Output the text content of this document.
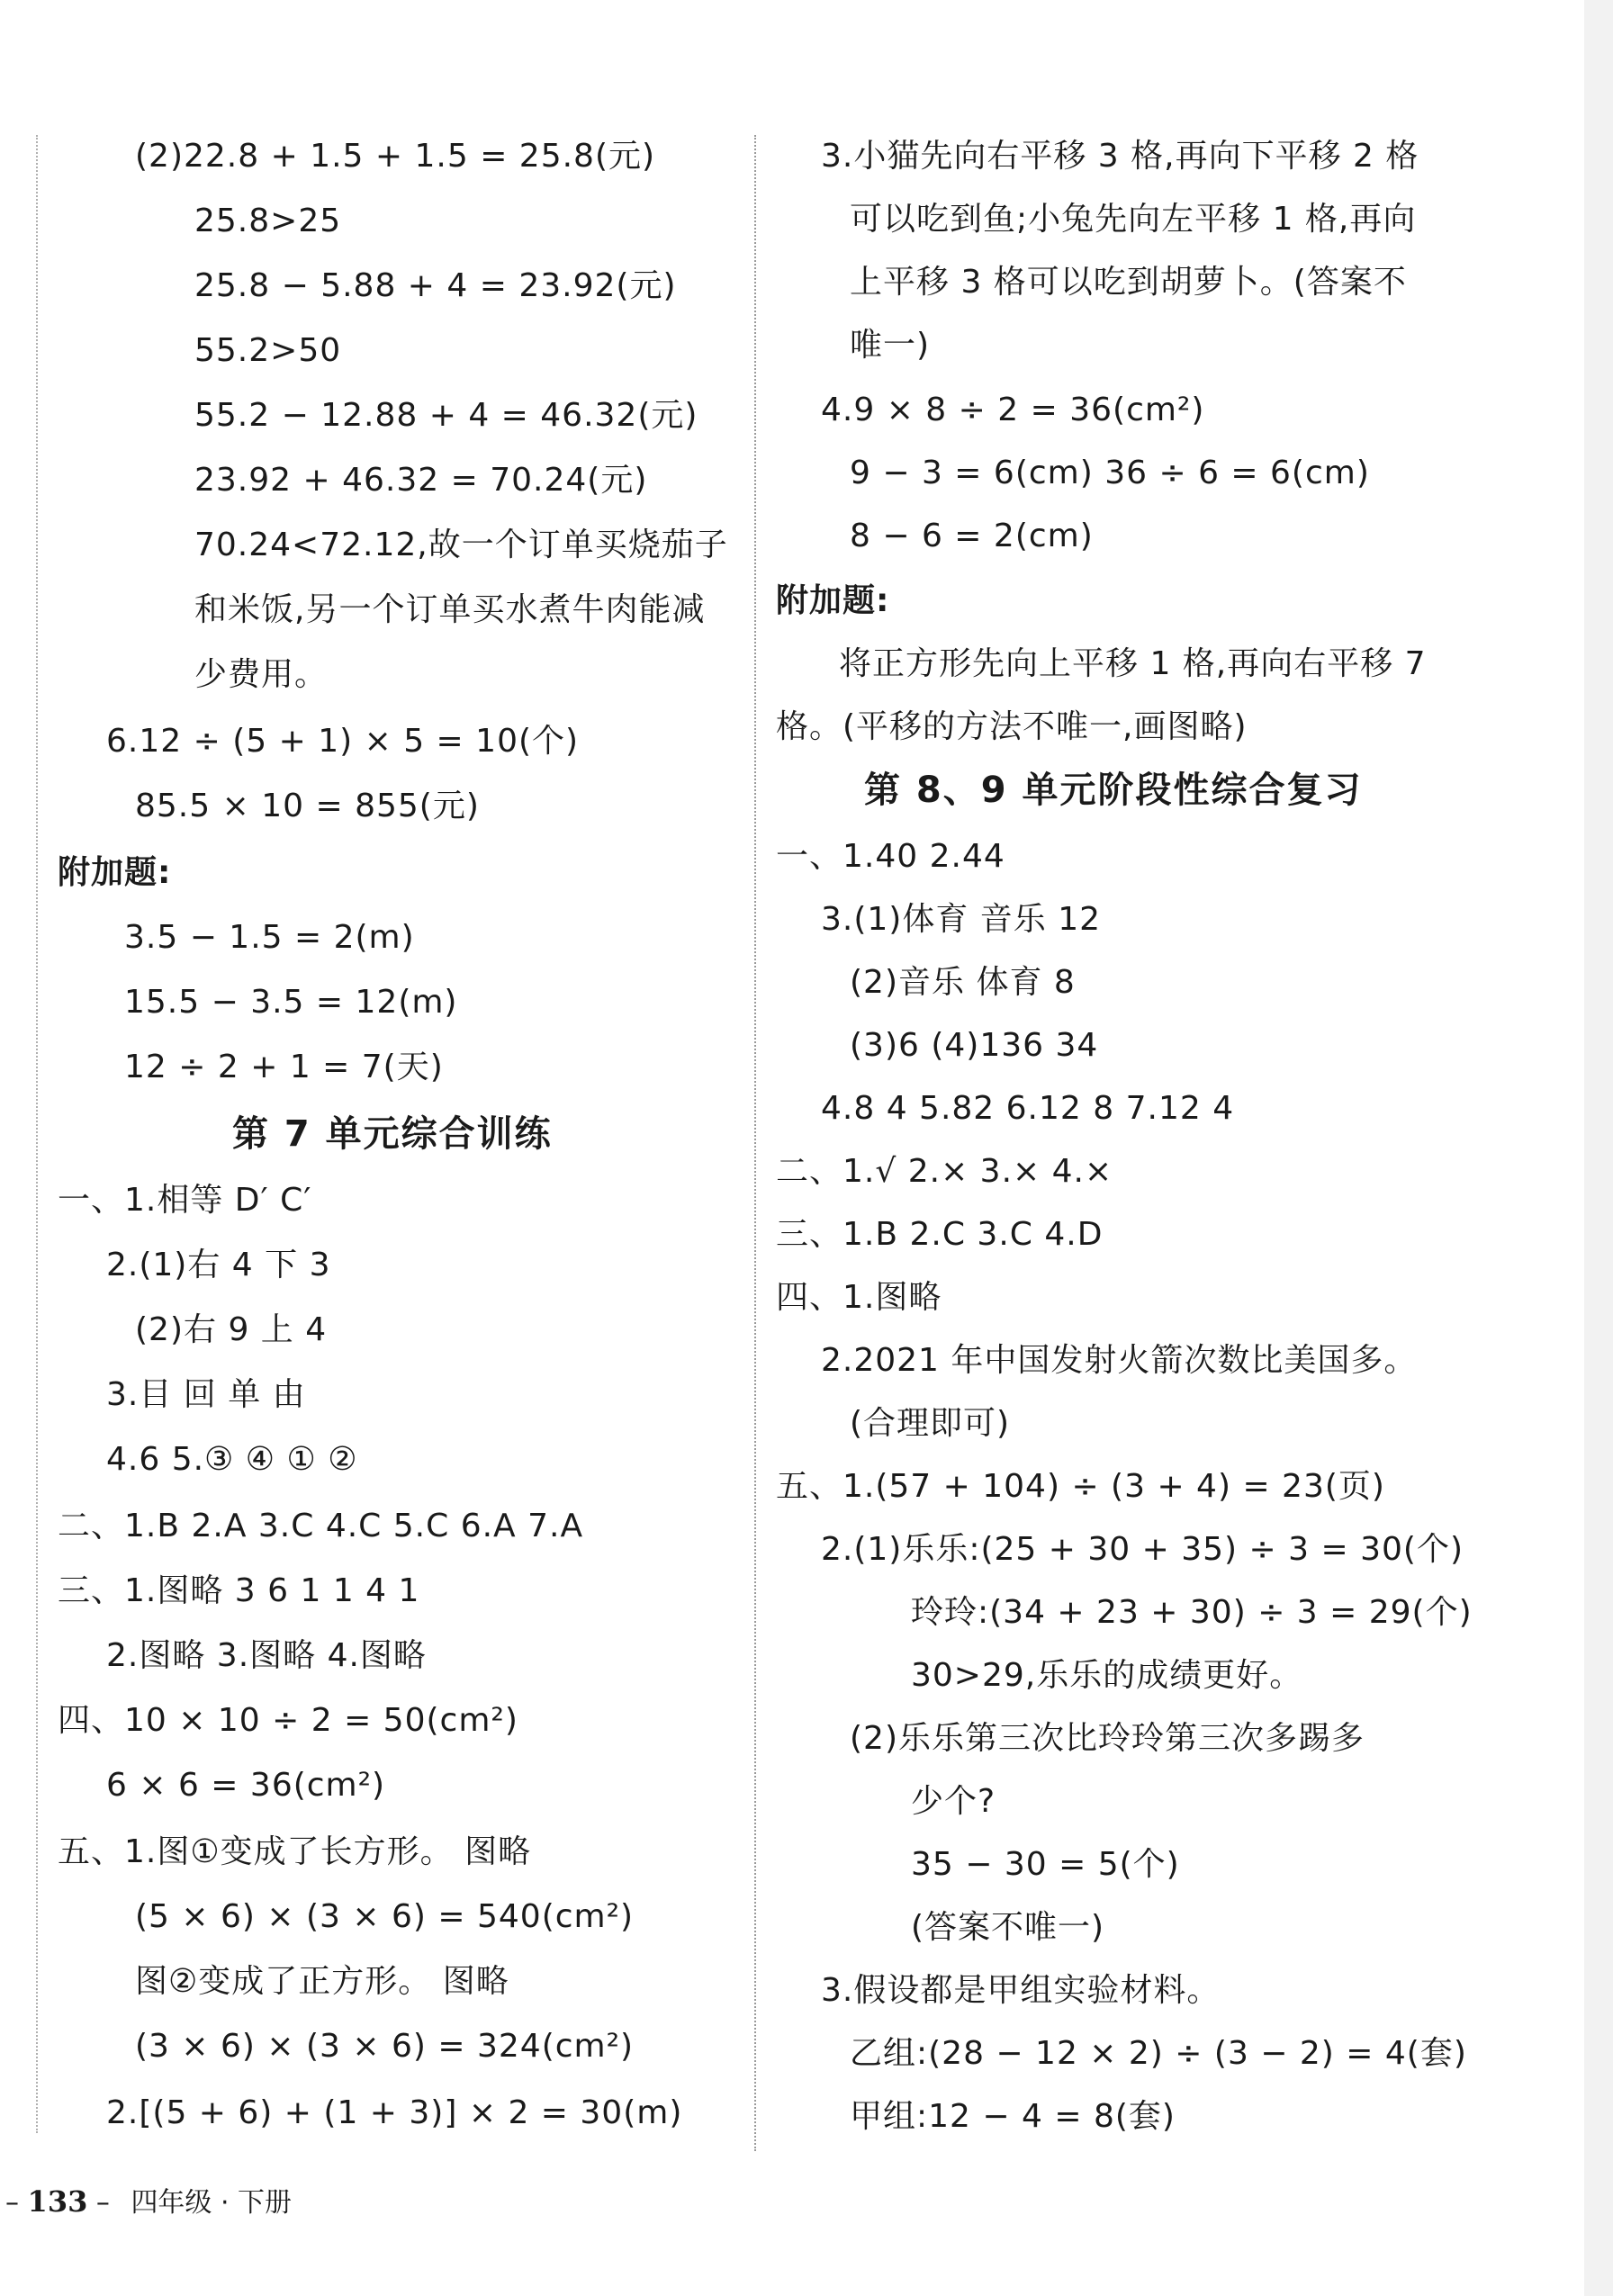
(2)22.8 + 1.5 + 1.5 = 25.8(元)
25.8>25
25.8 − 5.88 + 4 = 23.92(元)
55.2>50
55.2 − 12.88 + 4 = 46.32(元)
23.92 + 46.32 = 70.24(元)
70.24<72.12,故一个订单买烧茄子
和米饭,另一个订单买水煮牛肉能减
少费用。
6.12 ÷ (5 + 1) × 5 = 10(个)
85.5 × 10 = 855(元)
附加题:
3.5 − 1.5 = 2(m)
15.5 − 3.5 = 12(m)
12 ÷ 2 + 1 = 7(天)
第 7 单元综合训练
一、1.相等 D′ C′
2.(1)右 4 下 3
(2)右 9 上 4
3.目 回 单 由
4.6 5.③ ④ ① ②
二、1.B 2.A 3.C 4.C 5.C 6.A 7.A
三、1.图略 3 6 1 1 4 1
2.图略 3.图略 4.图略
四、10 × 10 ÷ 2 = 50(cm²)
6 × 6 = 36(cm²)
五、1.图①变成了长方形。 图略
(5 × 6) × (3 × 6) = 540(cm²)
图②变成了正方形。 图略
(3 × 6) × (3 × 6) = 324(cm²)
2.[(5 + 6) + (1 + 3)] × 2 = 30(m)
3.小猫先向右平移 3 格,再向下平移 2 格
可以吃到鱼;小兔先向左平移 1 格,再向
上平移 3 格可以吃到胡萝卜。(答案不
唯一)
4.9 × 8 ÷ 2 = 36(cm²)
9 − 3 = 6(cm) 36 ÷ 6 = 6(cm)
8 − 6 = 2(cm)
附加题:
将正方形先向上平移 1 格,再向右平移 7
格。(平移的方法不唯一,画图略)
第 8、9 单元阶段性综合复习
一、1.40 2.44
3.(1)体育 音乐 12
(2)音乐 体育 8
(3)6 (4)136 34
4.8 4 5.82 6.12 8 7.12 4
二、1.√ 2.× 3.× 4.×
三、1.B 2.C 3.C 4.D
四、1.图略
2.2021 年中国发射火箭次数比美国多。
(合理即可)
五、1.(57 + 104) ÷ (3 + 4) = 23(页)
2.(1)乐乐:(25 + 30 + 35) ÷ 3 = 30(个)
玲玲:(34 + 23 + 30) ÷ 3 = 29(个)
30>29,乐乐的成绩更好。
(2)乐乐第三次比玲玲第三次多踢多
少个?
35 − 30 = 5(个)
(答案不唯一)
3.假设都是甲组实验材料。
乙组:(28 − 12 × 2) ÷ (3 − 2) = 4(套)
甲组:12 − 4 = 8(套)
– 133 – 四年级 · 下册
